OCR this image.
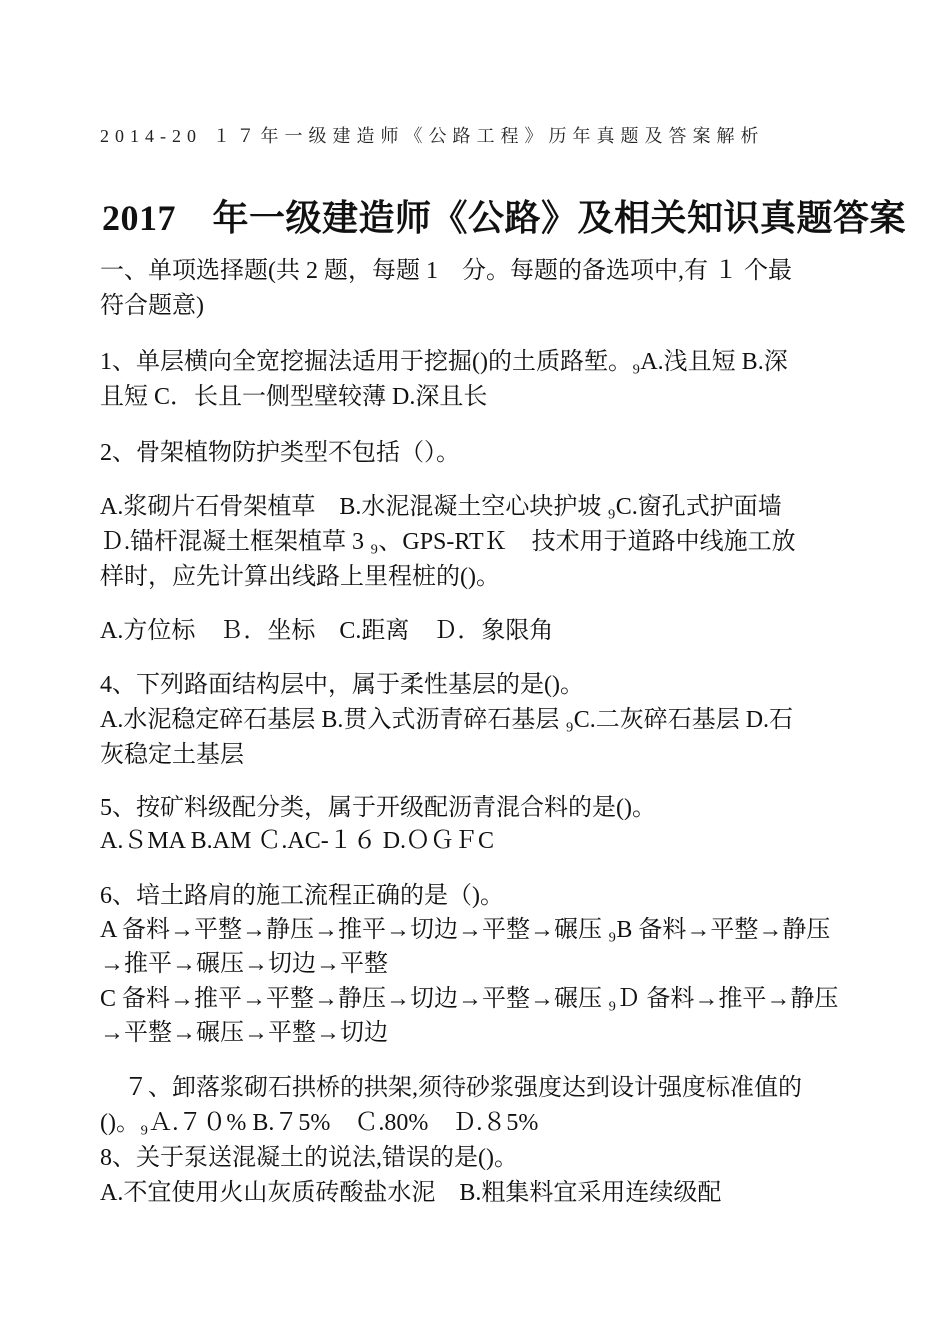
2014-20 １７年一级建造师《公路工程》历年真题及答案解析
2017　年一级建造师《公路》及相关知识真题答案
一、单项选择题(共 2 题，每题 1　分。每题的备选项中,有 １ 个最
符合题意)
1、单层横向全宽挖掘法适用于挖掘()的土质路堑。₉A.浅且短 B.深
且短 C．长且一侧型壁较薄 D.深且长
2、骨架植物防护类型不包括（）。
A.浆砌片石骨架植草　B.水泥混凝土空心块护坡 ₉C.窗孔式护面墙
Ｄ.锚杆混凝土框架植草 3 ₉、GPS-RTＫ　技术用于道路中线施工放
样时，应先计算出线路上里程桩的()。
A.方位标　Ｂ．坐标　C.距离　Ｄ．象限角
4、下列路面结构层中，属于柔性基层的是()。
A.水泥稳定碎石基层 B.贯入式沥青碎石基层 ₉C.二灰碎石基层 D.石
灰稳定土基层
5、按矿料级配分类，属于开级配沥青混合料的是()。
A.ＳMA B.AM Ｃ.AC-１６ D.ＯＧＦC
6、培土路肩的施工流程正确的是（)。
A 备料→平整→静压→推平→切边→平整→碾压 ₉B 备料→平整→静压
→推平→碾压→切边→平整
C 备料→推平→平整→静压→切边→平整→碾压 ₉Ｄ 备料→推平→静压
→平整→碾压→平整→切边
　７、卸落浆砌石拱桥的拱架,须待砂浆强度达到设计强度标准值的
()。₉Ａ.７０% B.７5%　Ｃ.80%　Ｄ.８5%
8、关于泵送混凝土的说法,错误的是()。
A.不宜使用火山灰质砖酸盐水泥　B.粗集料宜采用连续级配
